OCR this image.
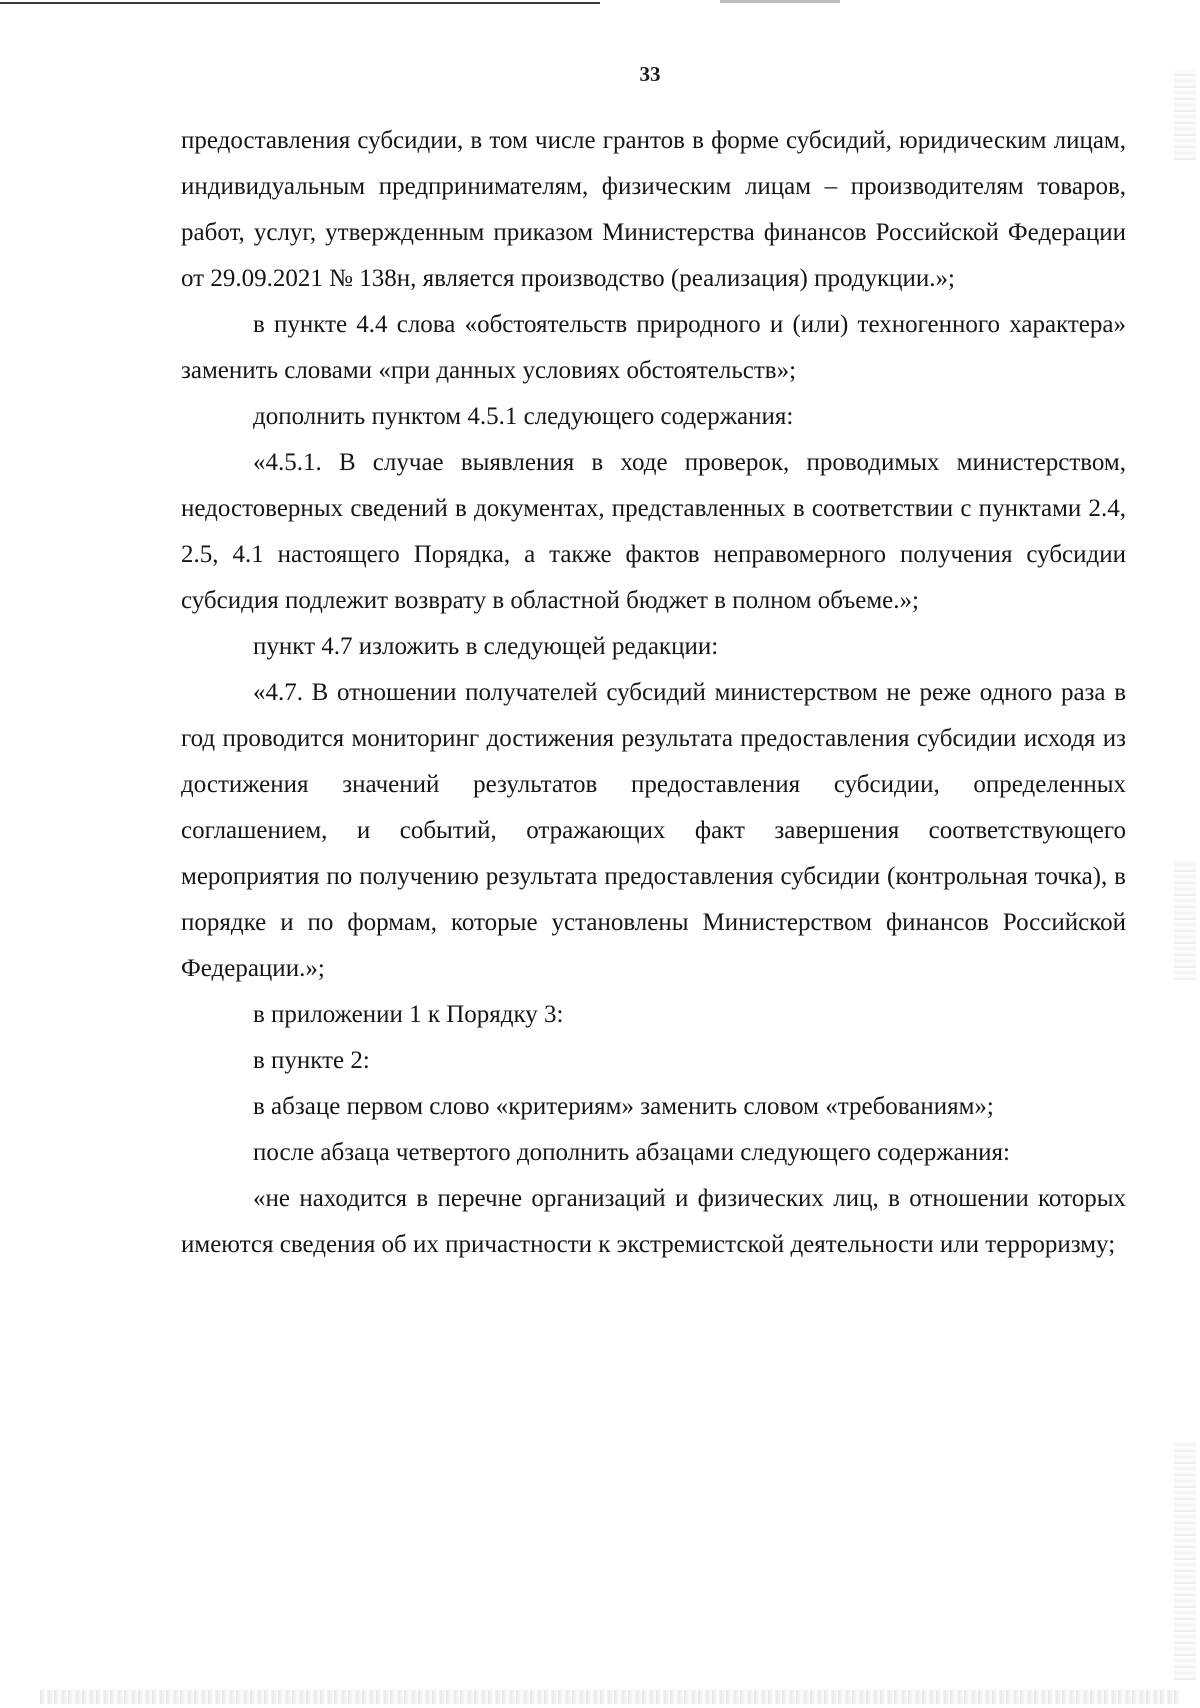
33

предоставления субсидии, в том числе грантов в форме субсидий, юридическим лицам, индивидуальным предпринимателям, физическим лицам – производителям товаров, работ, услуг, утвержденным приказом Министерства финансов Российской Федерации от 29.09.2021 № 138н, является производство (реализация) продукции.»;

в пункте 4.4 слова «обстоятельств природного и (или) техногенного характера» заменить словами «при данных условиях обстоятельств»;

дополнить пунктом 4.5.1 следующего содержания:

«4.5.1. В случае выявления в ходе проверок, проводимых министерством, недостоверных сведений в документах, представленных в соответствии с пунктами 2.4, 2.5, 4.1 настоящего Порядка, а также фактов неправомерного получения субсидии субсидия подлежит возврату в областной бюджет в полном объеме.»;

пункт 4.7 изложить в следующей редакции:

«4.7. В отношении получателей субсидий министерством не реже одного раза в год проводится мониторинг достижения результата предоставления субсидии исходя из достижения значений результатов предоставления субсидии, определенных соглашением, и событий, отражающих факт завершения соответствующего мероприятия по получению результата предоставления субсидии (контрольная точка), в порядке и по формам, которые установлены Министерством финансов Российской Федерации.»;

в приложении 1 к Порядку 3:

в пункте 2:

в абзаце первом слово «критериям» заменить словом «требованиям»;

после абзаца четвертого дополнить абзацами следующего содержания:

«не находится в перечне организаций и физических лиц, в отношении которых имеются сведения об их причастности к экстремистской деятельности или терроризму;
